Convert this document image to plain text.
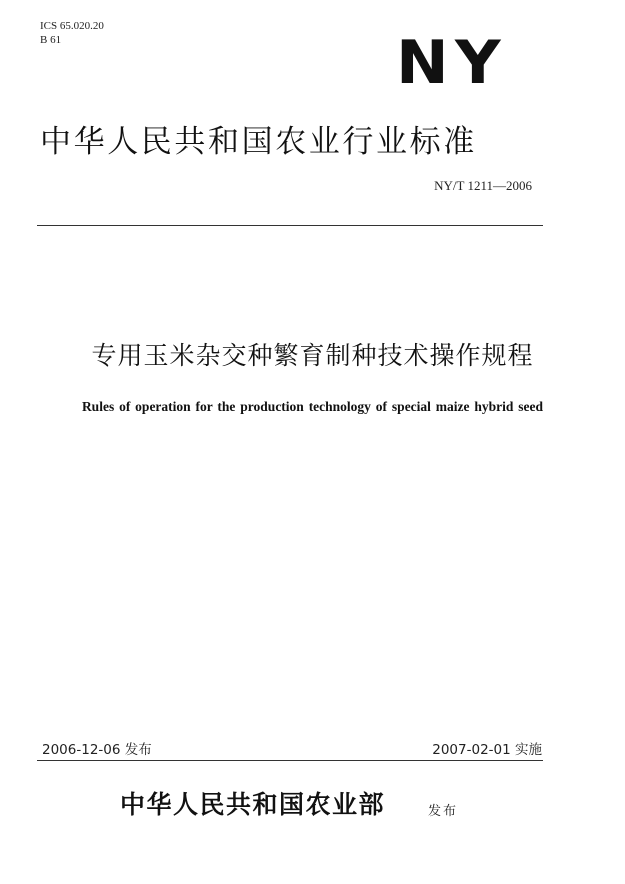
ICS 65.020.20
B 61	NY
中华人民共和国农业行业标准
NY/T 1211—2006
专用玉米杂交种繁育制种技术操作规程
Rules of operation for the production technology of special maize hybrid seed
2006-12-06 发布	2007-02-01 实施
中华人民共和国农业部	发布
